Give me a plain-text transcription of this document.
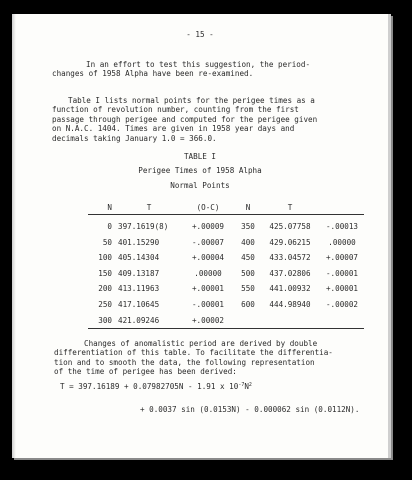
- 15 -
In an effort to test this suggestion, the period-
changes of 1958 Alpha have been re-examined.
Table I lists normal points for the perigee times as a
function of revolution number, counting from the first
passage through perigee and computed for the perigee given
on N.A.C. 1404. Times are given in 1958 year days and
decimals taking January 1.0 = 366.0.
TABLE I
Perigee Times of 1958 Alpha
Normal Points
N	T	(O-C)	N	T	
0	397.1619(8)	+.00009	350	425.07758	-.00013
50	401.15290	-.00007	400	429.06215	.00000
100	405.14304	+.00004	450	433.04572	+.00007
150	409.13187	.00000	500	437.02806	-.00001
200	413.11963	+.00001	550	441.00932	+.00001
250	417.10645	-.00001	600	444.98940	-.00002
300	421.09246	+.00002			
Changes of anomalistic period are derived by double
differentiation of this table. To facilitate the differentia-
tion and to smooth the data, the following representation
of the time of perigee has been derived:
T = 397.16189 + 0.07982705N - 1.91 x $10^{-7}N^2$
+ 0.0037 sin (0.0153N) - 0.000062 sin (0.0112N).
